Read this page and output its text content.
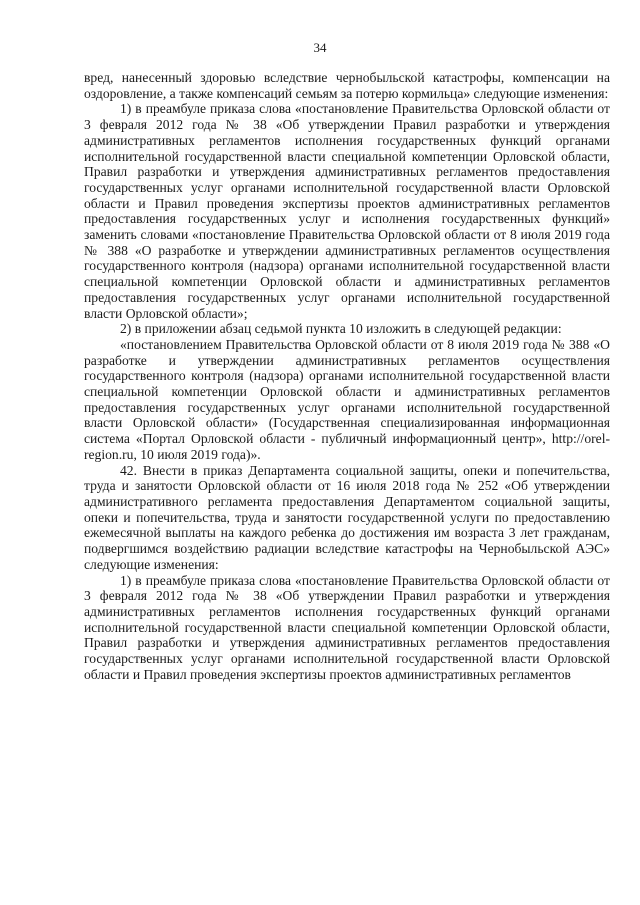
34

вред, нанесенный здоровью вследствие чернобыльской катастрофы, компенсации на оздоровление, а также компенсаций семьям за потерю кормильца» следующие изменения:

1) в преамбуле приказа слова «постановление Правительства Орловской области от 3 февраля 2012 года № 38 «Об утверждении Правил разработки и утверждения административных регламентов исполнения государственных функций органами исполнительной государственной власти специальной компетенции Орловской области, Правил разработки и утверждения административных регламентов предоставления государственных услуг органами исполнительной государственной власти Орловской области и Правил проведения экспертизы проектов административных регламентов предоставления государственных услуг и исполнения государственных функций» заменить словами «постановление Правительства Орловской области от 8 июля 2019 года № 388 «О разработке и утверждении административных регламентов осуществления государственного контроля (надзора) органами исполнительной государственной власти специальной компетенции Орловской области и административных регламентов предоставления государственных услуг органами исполнительной государственной власти Орловской области»;

2) в приложении абзац седьмой пункта 10 изложить в следующей редакции:

«постановлением Правительства Орловской области от 8 июля 2019 года № 388 «О разработке и утверждении административных регламентов осуществления государственного контроля (надзора) органами исполнительной государственной власти специальной компетенции Орловской области и административных регламентов предоставления государственных услуг органами исполнительной государственной власти Орловской области» (Государственная специализированная информационная система «Портал Орловской области - публичный информационный центр», http://orel-region.ru, 10 июля 2019 года)».

42. Внести в приказ Департамента социальной защиты, опеки и попечительства, труда и занятости Орловской области от 16 июля 2018 года № 252 «Об утверждении административного регламента предоставления Департаментом социальной защиты, опеки и попечительства, труда и занятости государственной услуги по предоставлению ежемесячной выплаты на каждого ребенка до достижения им возраста 3 лет гражданам, подвергшимся воздействию радиации вследствие катастрофы на Чернобыльской АЭС» следующие изменения:

1) в преамбуле приказа слова «постановление Правительства Орловской области от 3 февраля 2012 года № 38 «Об утверждении Правил разработки и утверждения административных регламентов исполнения государственных функций органами исполнительной государственной власти специальной компетенции Орловской области, Правил разработки и утверждения административных регламентов предоставления государственных услуг органами исполнительной государственной власти Орловской области и Правил проведения экспертизы проектов административных регламентов
